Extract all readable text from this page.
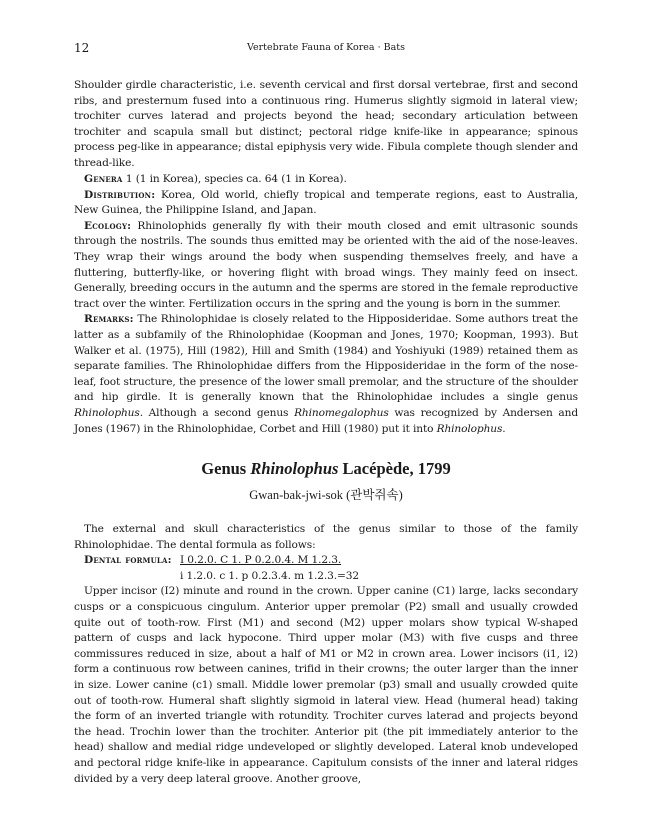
12	Vertebrate Fauna of Korea · Bats

Shoulder girdle characteristic, i.e. seventh cervical and first dorsal vertebrae, first and second ribs, and presternum fused into a continuous ring. Humerus slightly sigmoid in lateral view; trochiter curves laterad and projects beyond the head; secondary articulation between trochiter and scapula small but distinct; pectoral ridge knife-like in appearance; spinous process peg-like in appearance; distal epiphysis very wide. Fibula complete though slender and thread-like.

Genera 1 (1 in Korea), species ca. 64 (1 in Korea).

Distribution: Korea, Old world, chiefly tropical and temperate regions, east to Australia, New Guinea, the Philippine Island, and Japan.

Ecology: Rhinolophids generally fly with their mouth closed and emit ultrasonic sounds through the nostrils. The sounds thus emitted may be oriented with the aid of the nose-leaves. They wrap their wings around the body when suspending themselves freely, and have a fluttering, butterfly-like, or hovering flight with broad wings. They mainly feed on insect. Generally, breeding occurs in the autumn and the sperms are stored in the female reproductive tract over the winter. Fertilization occurs in the spring and the young is born in the summer.

Remarks: The Rhinolophidae is closely related to the Hipposideridae. Some authors treat the latter as a subfamily of the Rhinolophidae (Koopman and Jones, 1970; Koopman, 1993). But Walker et al. (1975), Hill (1982), Hill and Smith (1984) and Yoshiyuki (1989) retained them as separate families. The Rhinolophidae differs from the Hipposideridae in the form of the nose-leaf, foot structure, the presence of the lower small premolar, and the structure of the shoulder and hip girdle. It is generally known that the Rhinolophidae includes a single genus Rhinolophus. Although a second genus Rhinomegalophus was recognized by Andersen and Jones (1967) in the Rhinolophidae, Corbet and Hill (1980) put it into Rhinolophus.

Genus Rhinolophus Lacépède, 1799
Gwan-bak-jwi-sok (관박쥐속)

The external and skull characteristics of the genus similar to those of the family Rhinolophidae. The dental formula as follows:

Dental formula: I 0.2.0. C 1. P 0.2.0.4. M 1.2.3.

i 1.2.0. c 1. p 0.2.3.4. m 1.2.3.=32

Upper incisor (I2) minute and round in the crown. Upper canine (C1) large, lacks secondary cusps or a conspicuous cingulum. Anterior upper premolar (P2) small and usually crowded quite out of tooth-row. First (M1) and second (M2) upper molars show typical W-shaped pattern of cusps and lack hypocone. Third upper molar (M3) with five cusps and three commissures reduced in size, about a half of M1 or M2 in crown area. Lower incisors (i1, i2) form a continuous row between canines, trifid in their crowns; the outer larger than the inner in size. Lower canine (c1) small. Middle lower premolar (p3) small and usually crowded quite out of tooth-row. Humeral shaft slightly sigmoid in lateral view. Head (humeral head) taking the form of an inverted triangle with rotundity. Trochiter curves laterad and projects beyond the head. Trochin lower than the trochiter. Anterior pit (the pit immediately anterior to the head) shallow and medial ridge undeveloped or slightly developed. Lateral knob undeveloped and pectoral ridge knife-like in appearance. Capitulum consists of the inner and lateral ridges divided by a very deep lateral groove. Another groove,
